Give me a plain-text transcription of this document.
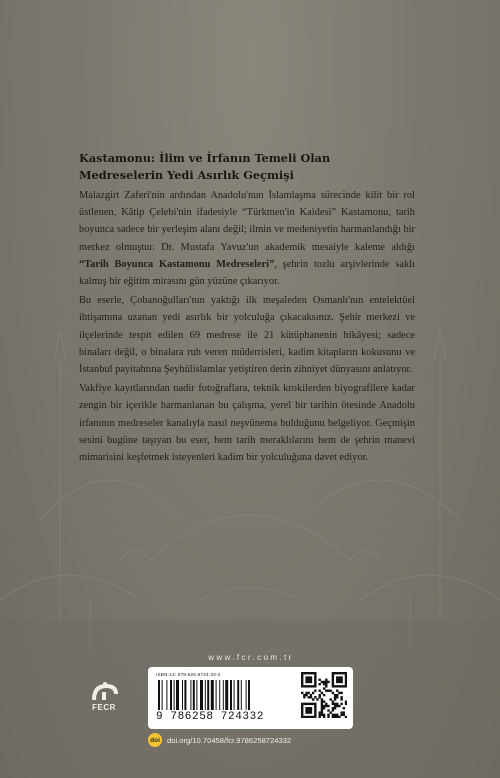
Kastamonu: İlim ve İrfanın Temeli Olan Medreselerin Yedi Asırlık Geçmişi

Malazgirt Zaferi'nin ardından Anadolu'nun İslamlaşma sürecinde kilit bir rol üstlenen, Kâtip Çelebi'nin ifadesiyle “Türkmen'in Kaidesi” Kastamonu, tarih boyunca sadece bir yerleşim alanı değil; ilmin ve medeniyetin harmanlandığı bir merkez olmuştur. Dr. Mustafa Yavuz'un akademik mesaiyle kaleme aldığı “Tarih Boyunca Kastamonu Medreseleri”, şehrin tozlu arşivlerinde saklı kalmış bir eğitim mirasını gün yüzüne çıkarıyor.

Bu eserle, Çobanoğulları'nın yaktığı ilk meşaleden Osmanlı'nın entelektüel ihtişamına uzanan yedi asırlık bir yolculuğa çıkacaksınız. Şehir merkezi ve ilçelerinde tespit edilen 69 medrese ile 21 kütüphanenin hikâyesi; sadece binaları değil, o binalara ruh veren müderrisleri, kadim kitapların kokusunu ve İstanbul payitahtına Şeyhülislamlar yetiştiren derin zihniyet dünyasını anlatıyor.

Vakfiye kayıtlarından nadir fotoğraflara, teknik krokilerden biyografilere kadar zengin bir içerikle harmanlanan bu çalışma, yerel bir tarihin ötesinde Anadolu irfanının medreseler kanalıyla nasıl neşvünema bulduğunu belgeliyor. Geçmişin sesini bugüne taşıyan bu eser, hem tarih meraklılarını hem de şehrin manevi mimarisini keşfetmek isteyenleri kadim bir yolculuğuna davet ediyor.

www.fcr.com.tr
FECR
ISBN-13: 978-625-6724-33-2
9 786258 724332
doi doi.org/10.70458/fcr.9786258724332
